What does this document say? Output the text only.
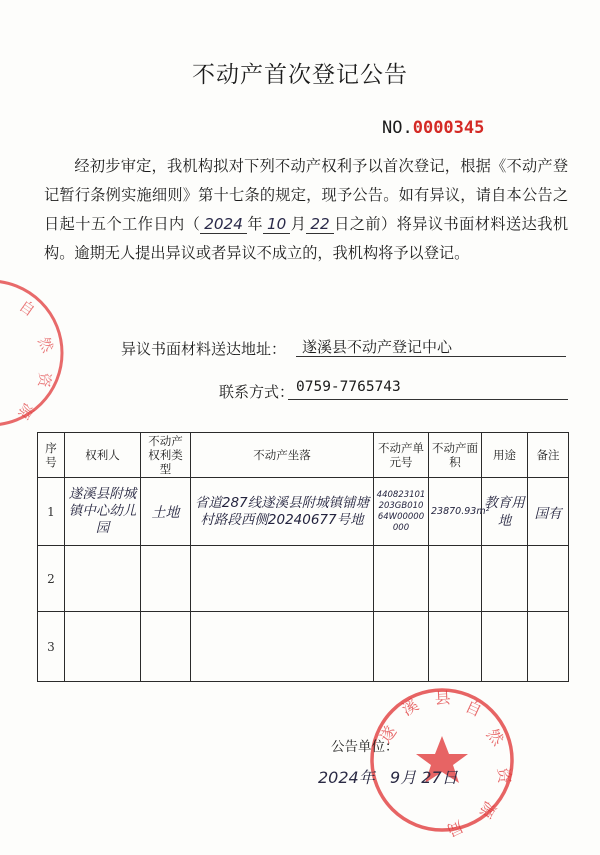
自
然
资
源
遂
溪 县 自
然
资
源
局
不动产首次登记公告
NO.0000345

经初步审定，我机构拟对下列不动产权利予以首次登记，根据《不动产登记暂行条例实施细则》第十七条的规定，现予公告。如有异议，请自本公告之日起十五个工作日内（ 2024 年 10 月 22 日之前）将异议书面材料送达我机构。逾期无人提出异议或者异议不成立的，我机构将予以登记。

异议书面材料送达地址：	遂溪县不动产登记中心
联系方式： 0759-7765743
序号	权利人	不动产权利类型	不动产坐落	不动产单元号	不动产面积	用途	备注
1	遂溪县附城镇中心幼儿园	土地	省道287线遂溪县附城镇铺塘村路段西侧20240677号地	440823101203GB01064W00000000	23870.93m²	教育用地	国有
2							
3							
公告单位：
2024年 9月 27日
